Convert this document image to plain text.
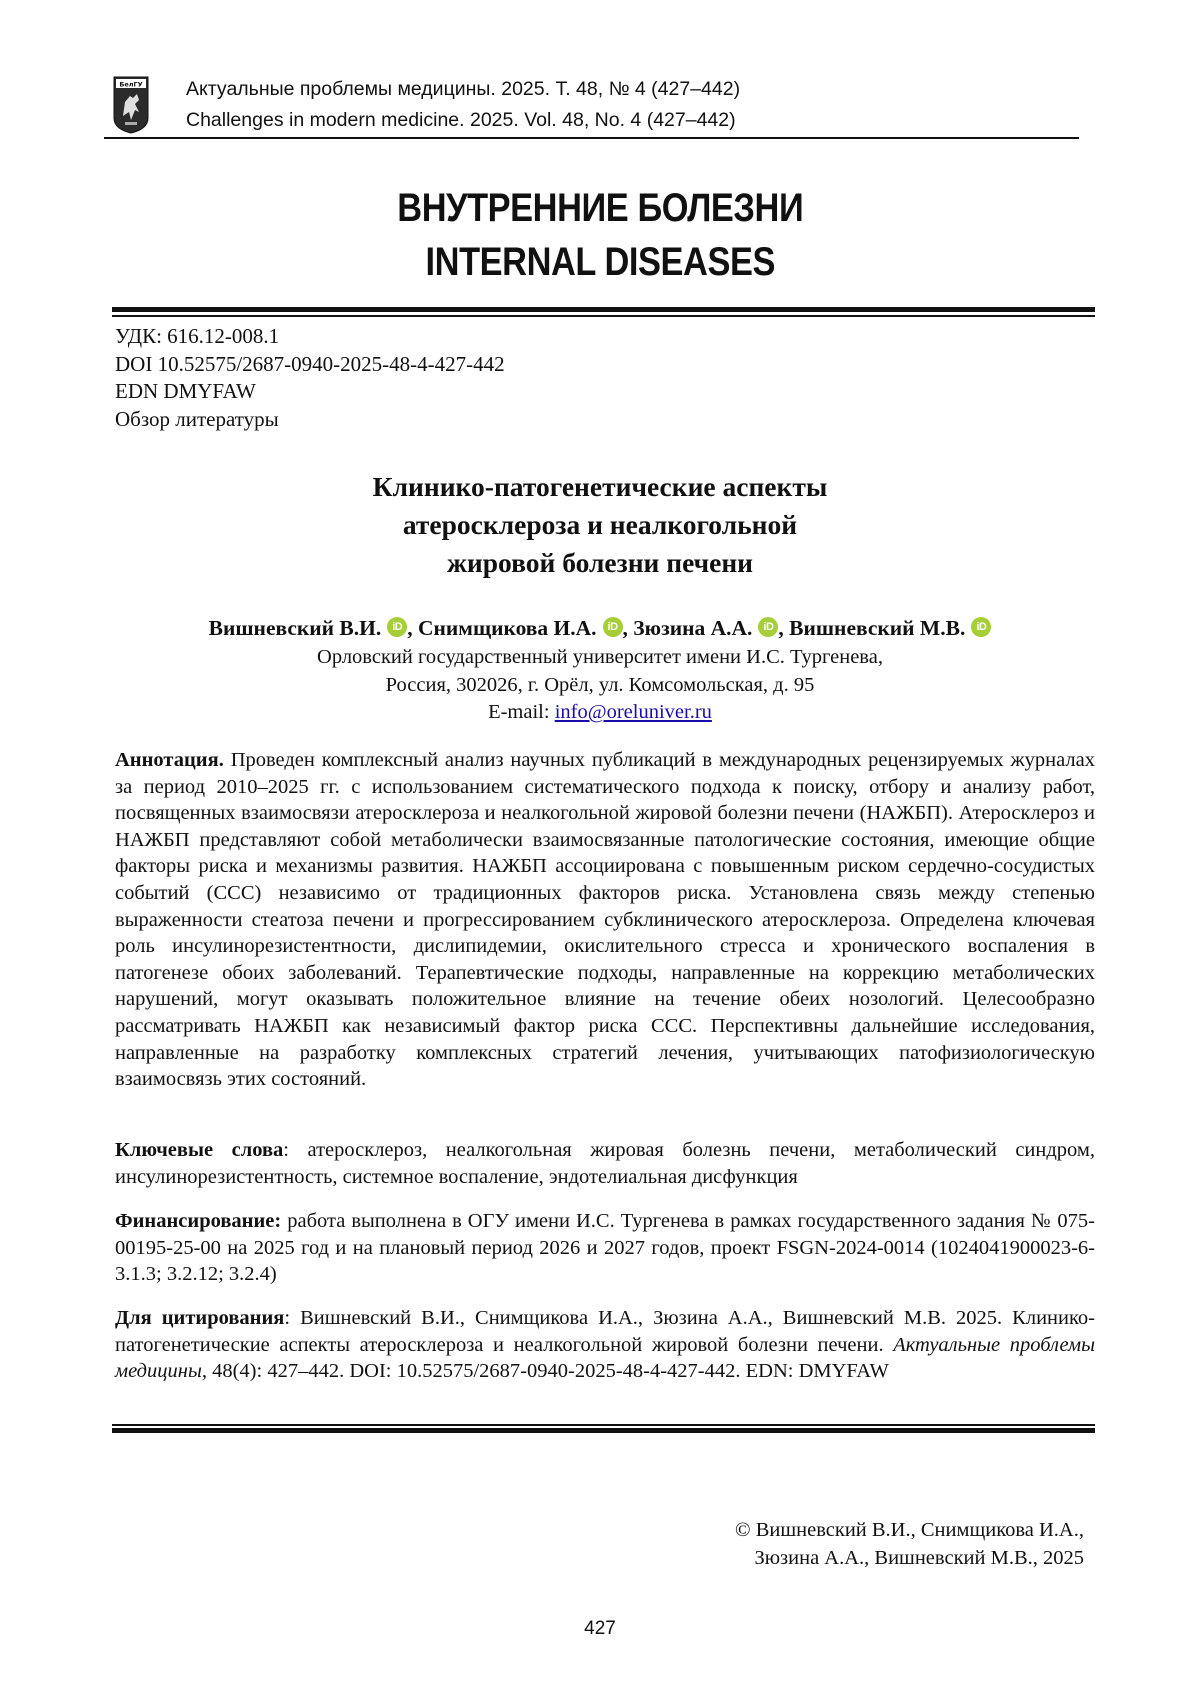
БелГУ Актуальные проблемы медицины. 2025. Т. 48, № 4 (427–442)
Challenges in modern medicine. 2025. Vol. 48, No. 4 (427–442)
ВНУТРЕННИЕ БОЛЕЗНИ
INTERNAL DISEASES
УДК: 616.12-008.1
DOI 10.52575/2687-0940-2025-48-4-427-442
EDN DMYFAW
Обзор литературы
Клинико-патогенетические аспекты
атеросклероза и неалкогольной
жировой болезни печени
Вишневский В.И. iD , Снимщикова И.А. iD , Зюзина А.А. iD , Вишневский М.В. iD
Орловский государственный университет имени И.С. Тургенева,
Россия, 302026, г. Орёл, ул. Комсомольская, д. 95
E-mail: info@oreluniver.ru
Аннотация. Проведен комплексный анализ научных публикаций в международных рецензируемых журналах за период 2010–2025 гг. с использованием систематического подхода к поиску, отбору и анализу работ, посвященных взаимосвязи атеросклероза и неалкогольной жировой болезни печени (НАЖБП). Атеросклероз и НАЖБП представляют собой метаболически взаимосвязанные патологические состояния, имеющие общие факторы риска и механизмы развития. НАЖБП ассоциирована с повышенным риском сердечно-сосудистых событий (ССС) независимо от традиционных факторов риска. Установлена связь между степенью выраженности стеатоза печени и прогрессированием субклинического атеросклероза. Определена ключевая роль инсулинорезистентности, дислипидемии, окислительного стресса и хронического воспаления в патогенезе обоих заболеваний. Терапевтические подходы, направленные на коррекцию метаболических нарушений, могут оказывать положительное влияние на течение обеих нозологий. Целесообразно рассматривать НАЖБП как независимый фактор риска ССС. Перспективны дальнейшие исследования, направленные на разработку комплексных стратегий лечения, учитывающих патофизиологическую взаимосвязь этих состояний.
Ключевые слова: атеросклероз, неалкогольная жировая болезнь печени, метаболический синдром, инсулинорезистентность, системное воспаление, эндотелиальная дисфункция
Финансирование: работа выполнена в ОГУ имени И.С. Тургенева в рамках государственного задания № 075-00195-25-00 на 2025 год и на плановый период 2026 и 2027 годов, проект FSGN-2024-0014 (1024041900023-6-3.1.3; 3.2.12; 3.2.4)
Для цитирования: Вишневский В.И., Снимщикова И.А., Зюзина А.А., Вишневский М.В. 2025. Клинико-патогенетические аспекты атеросклероза и неалкогольной жировой болезни печени. Актуальные проблемы медицины, 48(4): 427–442. DOI: 10.52575/2687-0940-2025-48-4-427-442. EDN: DMYFAW
© Вишневский В.И., Снимщикова И.А.,
Зюзина А.А., Вишневский М.В., 2025
427
